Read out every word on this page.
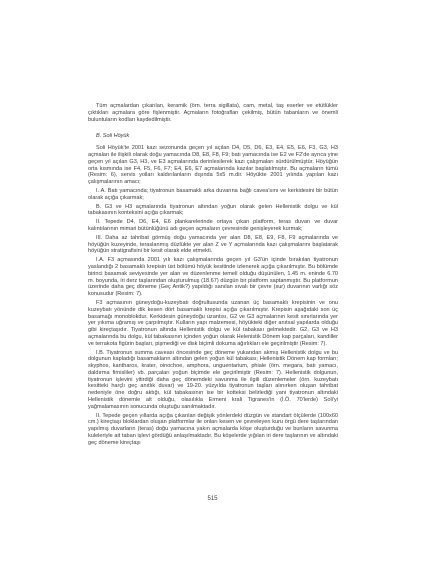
Tüm açmalardan çıkarılan, keramik (örn. terra sigillata), cam, metal, taş eserler ve etütlükler çıktıkları açmalara göre fişlenmiştir. Açmaların fotoğrafları çekilmiş, bütün tabanların ve önemli buluntuların kodları kaydedilmiştir.

B. Soli Höyük

Soli Höyük'te 2001 kazı sezonunda geçen yıl açılan D4, D5, D6, E3, E4, E5, E6, F3, G3, H3 açmaları ile ilişkili olarak doğu yamacında D8, E8, F8, F9; batı yamacında ise E2 ve F2'de ayrıca yine geçen yıl açılan G3, H3, ve E3 açmalarında derinlesilerek kazı çalışmaları sürdürülmüştür. Höyüğün orta kısmında ise F4, F5, F6, F7; E4, E6, E7 açmalarında kazılar başlatılmıştır. Bu açmaların tümü (Resim: 6), servis yolları kaldırılanların dışında 5x5 m.dir. Höyükte 2001 yılında yapılan kazı çalışmalarının amacı;

I. A. Batı yamacında; tiyatronun basamaklı arka duvarına bağlı cavea'sını ve kerkidesini bir bütün olarak açığa çıkarmak;

B. G3 ve H3 açmalarında tiyatronun altından yoğun olarak gelen Hellenistik dolgu ve kül tabakasının konteksini açığa çıkarmak;

II. Tepede D4, D6, E4, E6 plankarelerinde ortaya çıkan platform, teras duvarı ve duvar kalıntılarının mimari bütünlüğünü adı geçen açmaların çevresinde genişleyerek kurmak;

III. Daha az tahribat görmüş doğu yamacında yer alan D8, E8, E9, F8, F9 açmalarında ve höyüğün kuzeyinde, teraslanmış düzlükte yer alan Z ve Y açmalarında kazı çalışmalarını başlatarak höyüğün stratigrafisini bir kesit olarak elde etmekti.

I.A. F3 açmasında 2001 yılı kazı çalışmalarında geçen yıl G3'ün içinde bırakılan tiyatronun yaslandığı 2 basamaklı krepisin üst bölümü höyük kesitinde izlenerek açığa çıkarılmıştır. Bu bölümde birinci basamak seviyesinde yer alan ve düzenlenme temeli olduğu düşünülen, 1.45 m. eninde 6.70 m. boyunda, iri derz taşlarından oluşturulmuş (18.67) düzgün bir platform saptanmıştır. Bu platformun üzerinde daha geç döneme (Geç Antik?) yapıldığı sanılan sıvalı bir çevre (sur) duvarının varlığı söz konusudur (Resim: 7).

F3 açmasının güneydoğu-kuzeybatı doğrultusunda uzanan üç basamaklı krepisinin ve onu kuzeybatı yönünde dik kesen dört basamaklı krepisi açığa çıkarılmıştır. Krepisin aşağıdaki son üç basamağı monoblokdur. Kerkidesin güneydoğu uzantısı, G2 ve G3 açmalarının kesit sınırlarında yer yer yıkıma uğramış ve çarpılmıştır. Kulların yapı malzemesi, höyükteki diğer anıtsal yapılarda olduğu gibi kireçtaşıdır. Tiyatronun altında Hellenistik dolgu ve kül tabakası gelmektedir. G2, G3 ve H3 açmalarında bu dolgu, kül tabakasının içinden yoğun olarak Helenistik Dönem kap parçaları, kandiller ve terrakota figürin başları, pişmediği ve disk biçimli dokuma ağırlıkları ele geçirilmiştir (Resim: 7).

I.B. Tiyatronun summa caveası öncesinde geç döneme yukarıdan akmış Hellenistik dolgu ve bu dolgunun kapladığı basamakların altından gelen yoğun kül tabakası; Hellenistik Dönem kap formları; skyphos, kantharos, krater, oinochoe, amphora, unguentarium, phiale (örn. megara, batı yamacı, daldırma firnisliler) vb. parçaları yoğun biçimde ele geçirilmiştir (Resim: 7). Hellenistik dolgunun, tiyatronun işlevini yitirdiği daha geç dönemdeki savunma ile ilgili düzenlemeler (örn. kuzeybatı kesitteki harçlı geç anıtlık duvar) ve 19-20. yüzyılda tiyatronun taşları alınırken oluşan tahribat nedeniyle öne doğru aktığı, kül tabakasının ise bir kotteksi belirlediği yani tiyatronun altındaki Hellenistik dönemle alt olduğu, olasılıkla Ermeni krali Tigranes'in (İ.Ö. 70'lerde) Soli'yi yağmalamasının sonucunda oluştuğu sanılmaktadır.

II. Tepede geçen yıllarda açığa çıkarılan değişik yönlerdeki düzgün ve standart ölçülerde (100x60 cm.) kireçtaşı bloklardan oluşan platformlar ile onları kesen ve çevreleyen kuru örgü dere taşlarından yapılmış duvarların (teras) doğu yamacına yakın açmalarda köşe oluşturduğu ve bunların savunma kuleleriyle ait taban işlevi gördüğü anlaşılmaktadır. Bu köşelerde yığılan iri dere taşlarının ve altındaki geç döneme kireçtaşı

515
